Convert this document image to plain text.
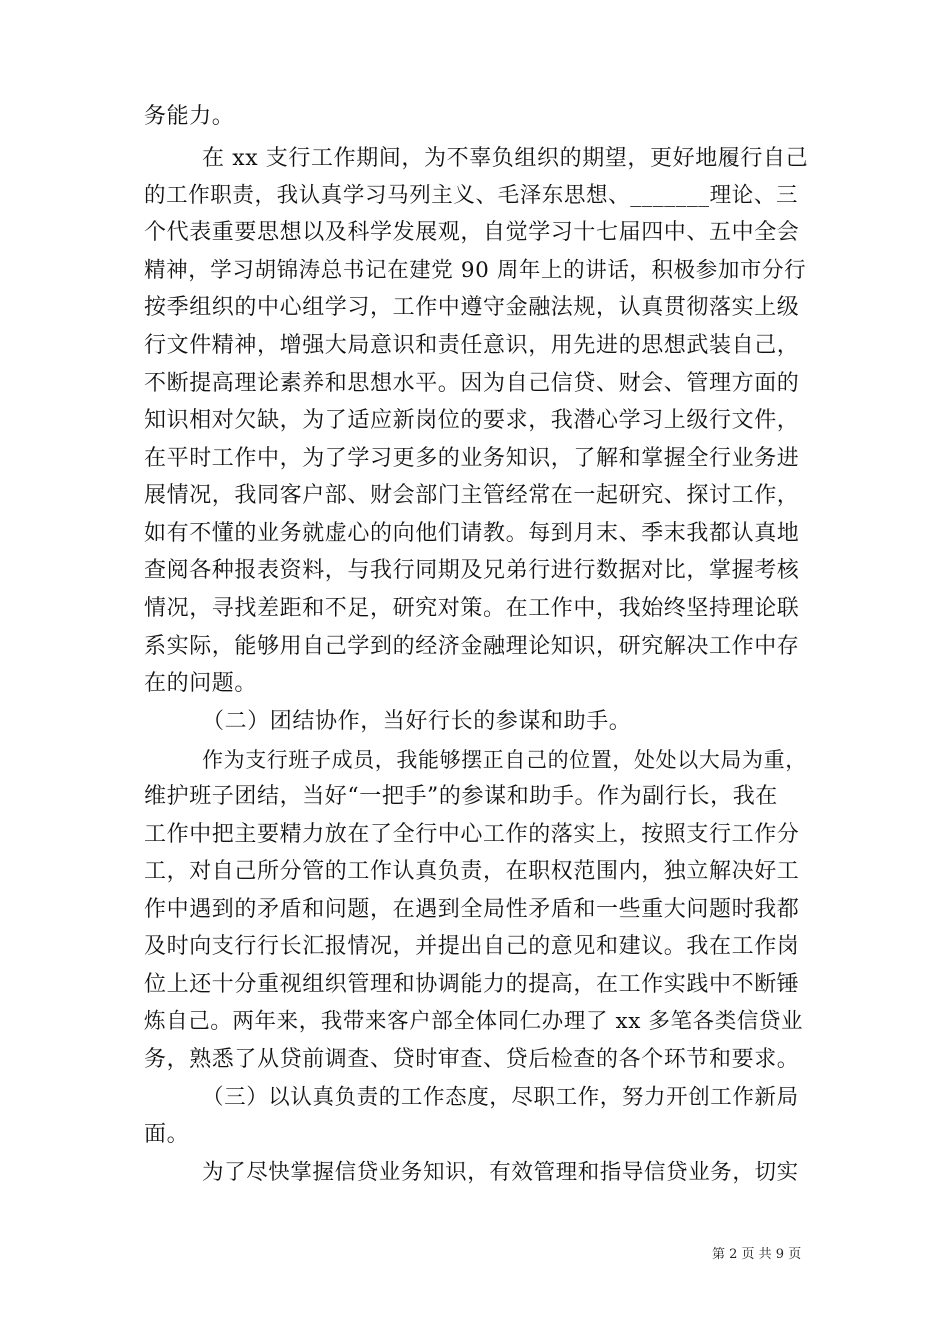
务能力。
在 xx 支行工作期间，为不辜负组织的期望，更好地履行自己
的工作职责，我认真学习马列主义、毛泽东思想、_______理论、三
个代表重要思想以及科学发展观，自觉学习十七届四中、五中全会
精神，学习胡锦涛总书记在建党 90 周年上的讲话，积极参加市分行
按季组织的中心组学习，工作中遵守金融法规，认真贯彻落实上级
行文件精神，增强大局意识和责任意识，用先进的思想武装自己，
不断提高理论素养和思想水平。因为自己信贷、财会、管理方面的
知识相对欠缺，为了适应新岗位的要求，我潜心学习上级行文件，
在平时工作中，为了学习更多的业务知识，了解和掌握全行业务进
展情况，我同客户部、财会部门主管经常在一起研究、探讨工作，
如有不懂的业务就虚心的向他们请教。每到月末、季末我都认真地
查阅各种报表资料，与我行同期及兄弟行进行数据对比，掌握考核
情况，寻找差距和不足，研究对策。在工作中，我始终坚持理论联
系实际，能够用自己学到的经济金融理论知识，研究解决工作中存
在的问题。
（二）团结协作，当好行长的参谋和助手。
作为支行班子成员，我能够摆正自己的位置，处处以大局为重，
维护班子团结，当好“一把手”的参谋和助手。作为副行长，我在
工作中把主要精力放在了全行中心工作的落实上，按照支行工作分
工，对自己所分管的工作认真负责，在职权范围内，独立解决好工
作中遇到的矛盾和问题，在遇到全局性矛盾和一些重大问题时我都
及时向支行行长汇报情况，并提出自己的意见和建议。我在工作岗
位上还十分重视组织管理和协调能力的提高，在工作实践中不断锤
炼自己。两年来，我带来客户部全体同仁办理了 xx 多笔各类信贷业
务，熟悉了从贷前调查、贷时审查、贷后检查的各个环节和要求。
（三）以认真负责的工作态度，尽职工作，努力开创工作新局
面。
为了尽快掌握信贷业务知识，有效管理和指导信贷业务，切实
第 2 页 共 9 页
